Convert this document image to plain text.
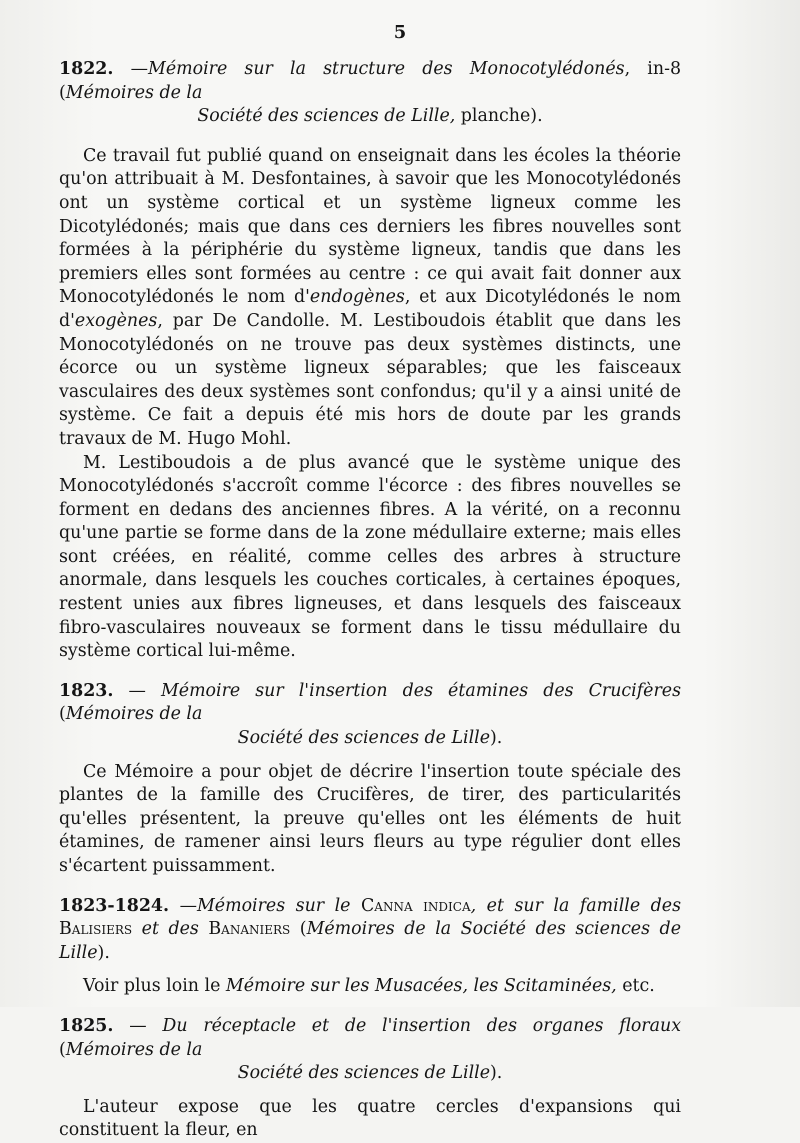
5

1822. —Mémoire sur la structure des Monocotylédonés, in-8 (Mémoires de la
Société des sciences de Lille, planche).

Ce travail fut publié quand on enseignait dans les écoles la théorie qu'on attribuait à M. Desfontaines, à savoir que les Monocotylédonés ont un système cortical et un système ligneux comme les Dicotylédonés; mais que dans ces derniers les fibres nouvelles sont formées à la périphérie du système ligneux, tandis que dans les premiers elles sont formées au centre : ce qui avait fait donner aux Monocotylédonés le nom d'endogènes, et aux Dicotylédonés le nom d'exogènes, par De Candolle. M. Lestiboudois établit que dans les Monocotylédonés on ne trouve pas deux systèmes distincts, une écorce ou un système ligneux séparables; que les faisceaux vasculaires des deux systèmes sont confondus; qu'il y a ainsi unité de système. Ce fait a depuis été mis hors de doute par les grands travaux de M. Hugo Mohl.

M. Lestiboudois a de plus avancé que le système unique des Monocotylédonés s'accroît comme l'écorce : des fibres nouvelles se forment en dedans des anciennes fibres. A la vérité, on a reconnu qu'une partie se forme dans de la zone médullaire externe; mais elles sont créées, en réalité, comme celles des arbres à structure anormale, dans lesquels les couches corticales, à certaines époques, restent unies aux fibres ligneuses, et dans lesquels des faisceaux fibro-vasculaires nouveaux se forment dans le tissu médullaire du système cortical lui-même.

1823. — Mémoire sur l'insertion des étamines des Crucifères (Mémoires de la
Société des sciences de Lille).

Ce Mémoire a pour objet de décrire l'insertion toute spéciale des plantes de la famille des Crucifères, de tirer, des particularités qu'elles présentent, la preuve qu'elles ont les éléments de huit étamines, de ramener ainsi leurs fleurs au type régulier dont elles s'écartent puissamment.

1823-1824. —Mémoires sur le Canna indica, et sur la famille des Balisiers et des Bananiers (Mémoires de la Société des sciences de Lille).

Voir plus loin le Mémoire sur les Musacées, les Scitaminées, etc.

1825. — Du réceptacle et de l'insertion des organes floraux (Mémoires de la
Société des sciences de Lille).

L'auteur expose que les quatre cercles d'expansions qui constituent la fleur, en
